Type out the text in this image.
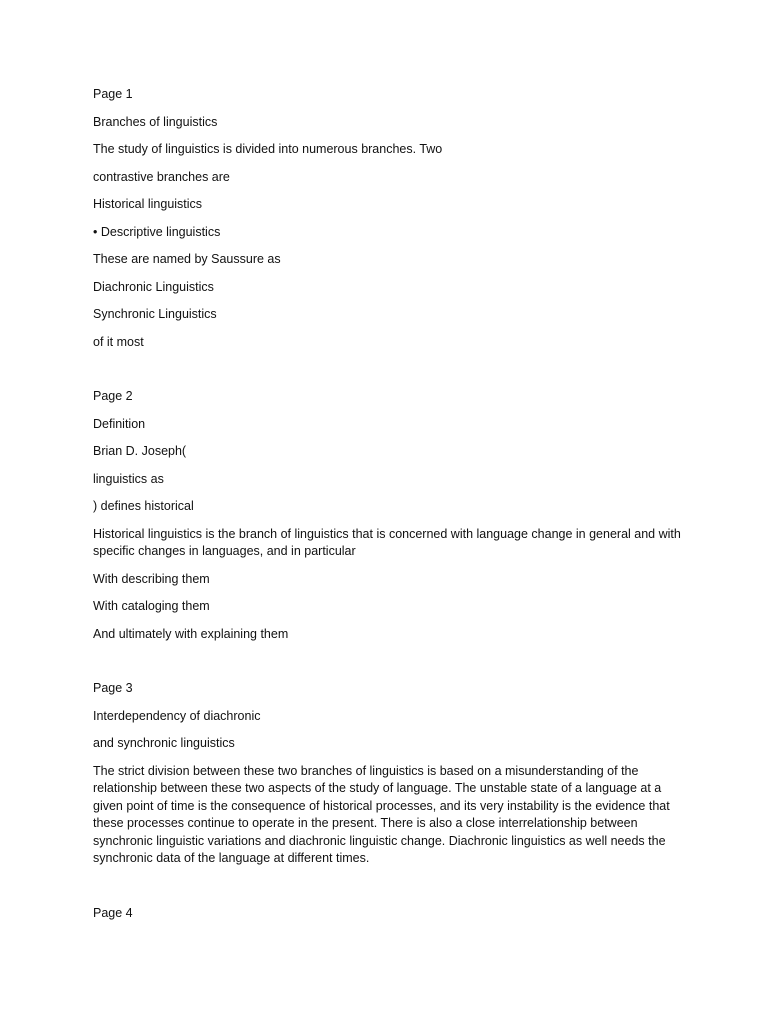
Page 1
Branches of linguistics
The study of linguistics is divided into numerous branches. Two
contrastive branches are
Historical linguistics
• Descriptive linguistics
These are named by Saussure as
Diachronic Linguistics
Synchronic Linguistics
of it most
Page 2
Definition
Brian D. Joseph(
linguistics as
) defines historical
Historical linguistics is the branch of linguistics that is concerned with language change in general and with specific changes in languages, and in particular
With describing them
With cataloging them
And ultimately with explaining them
Page 3
Interdependency of diachronic
and synchronic linguistics
The strict division between these two branches of linguistics is based on a misunderstanding of the relationship between these two aspects of the study of language. The unstable state of a language at a given point of time is the consequence of historical processes, and its very instability is the evidence that these processes continue to operate in the present. There is also a close interrelationship between synchronic linguistic variations and diachronic linguistic change. Diachronic linguistics as well needs the synchronic data of the language at different times.
Page 4
